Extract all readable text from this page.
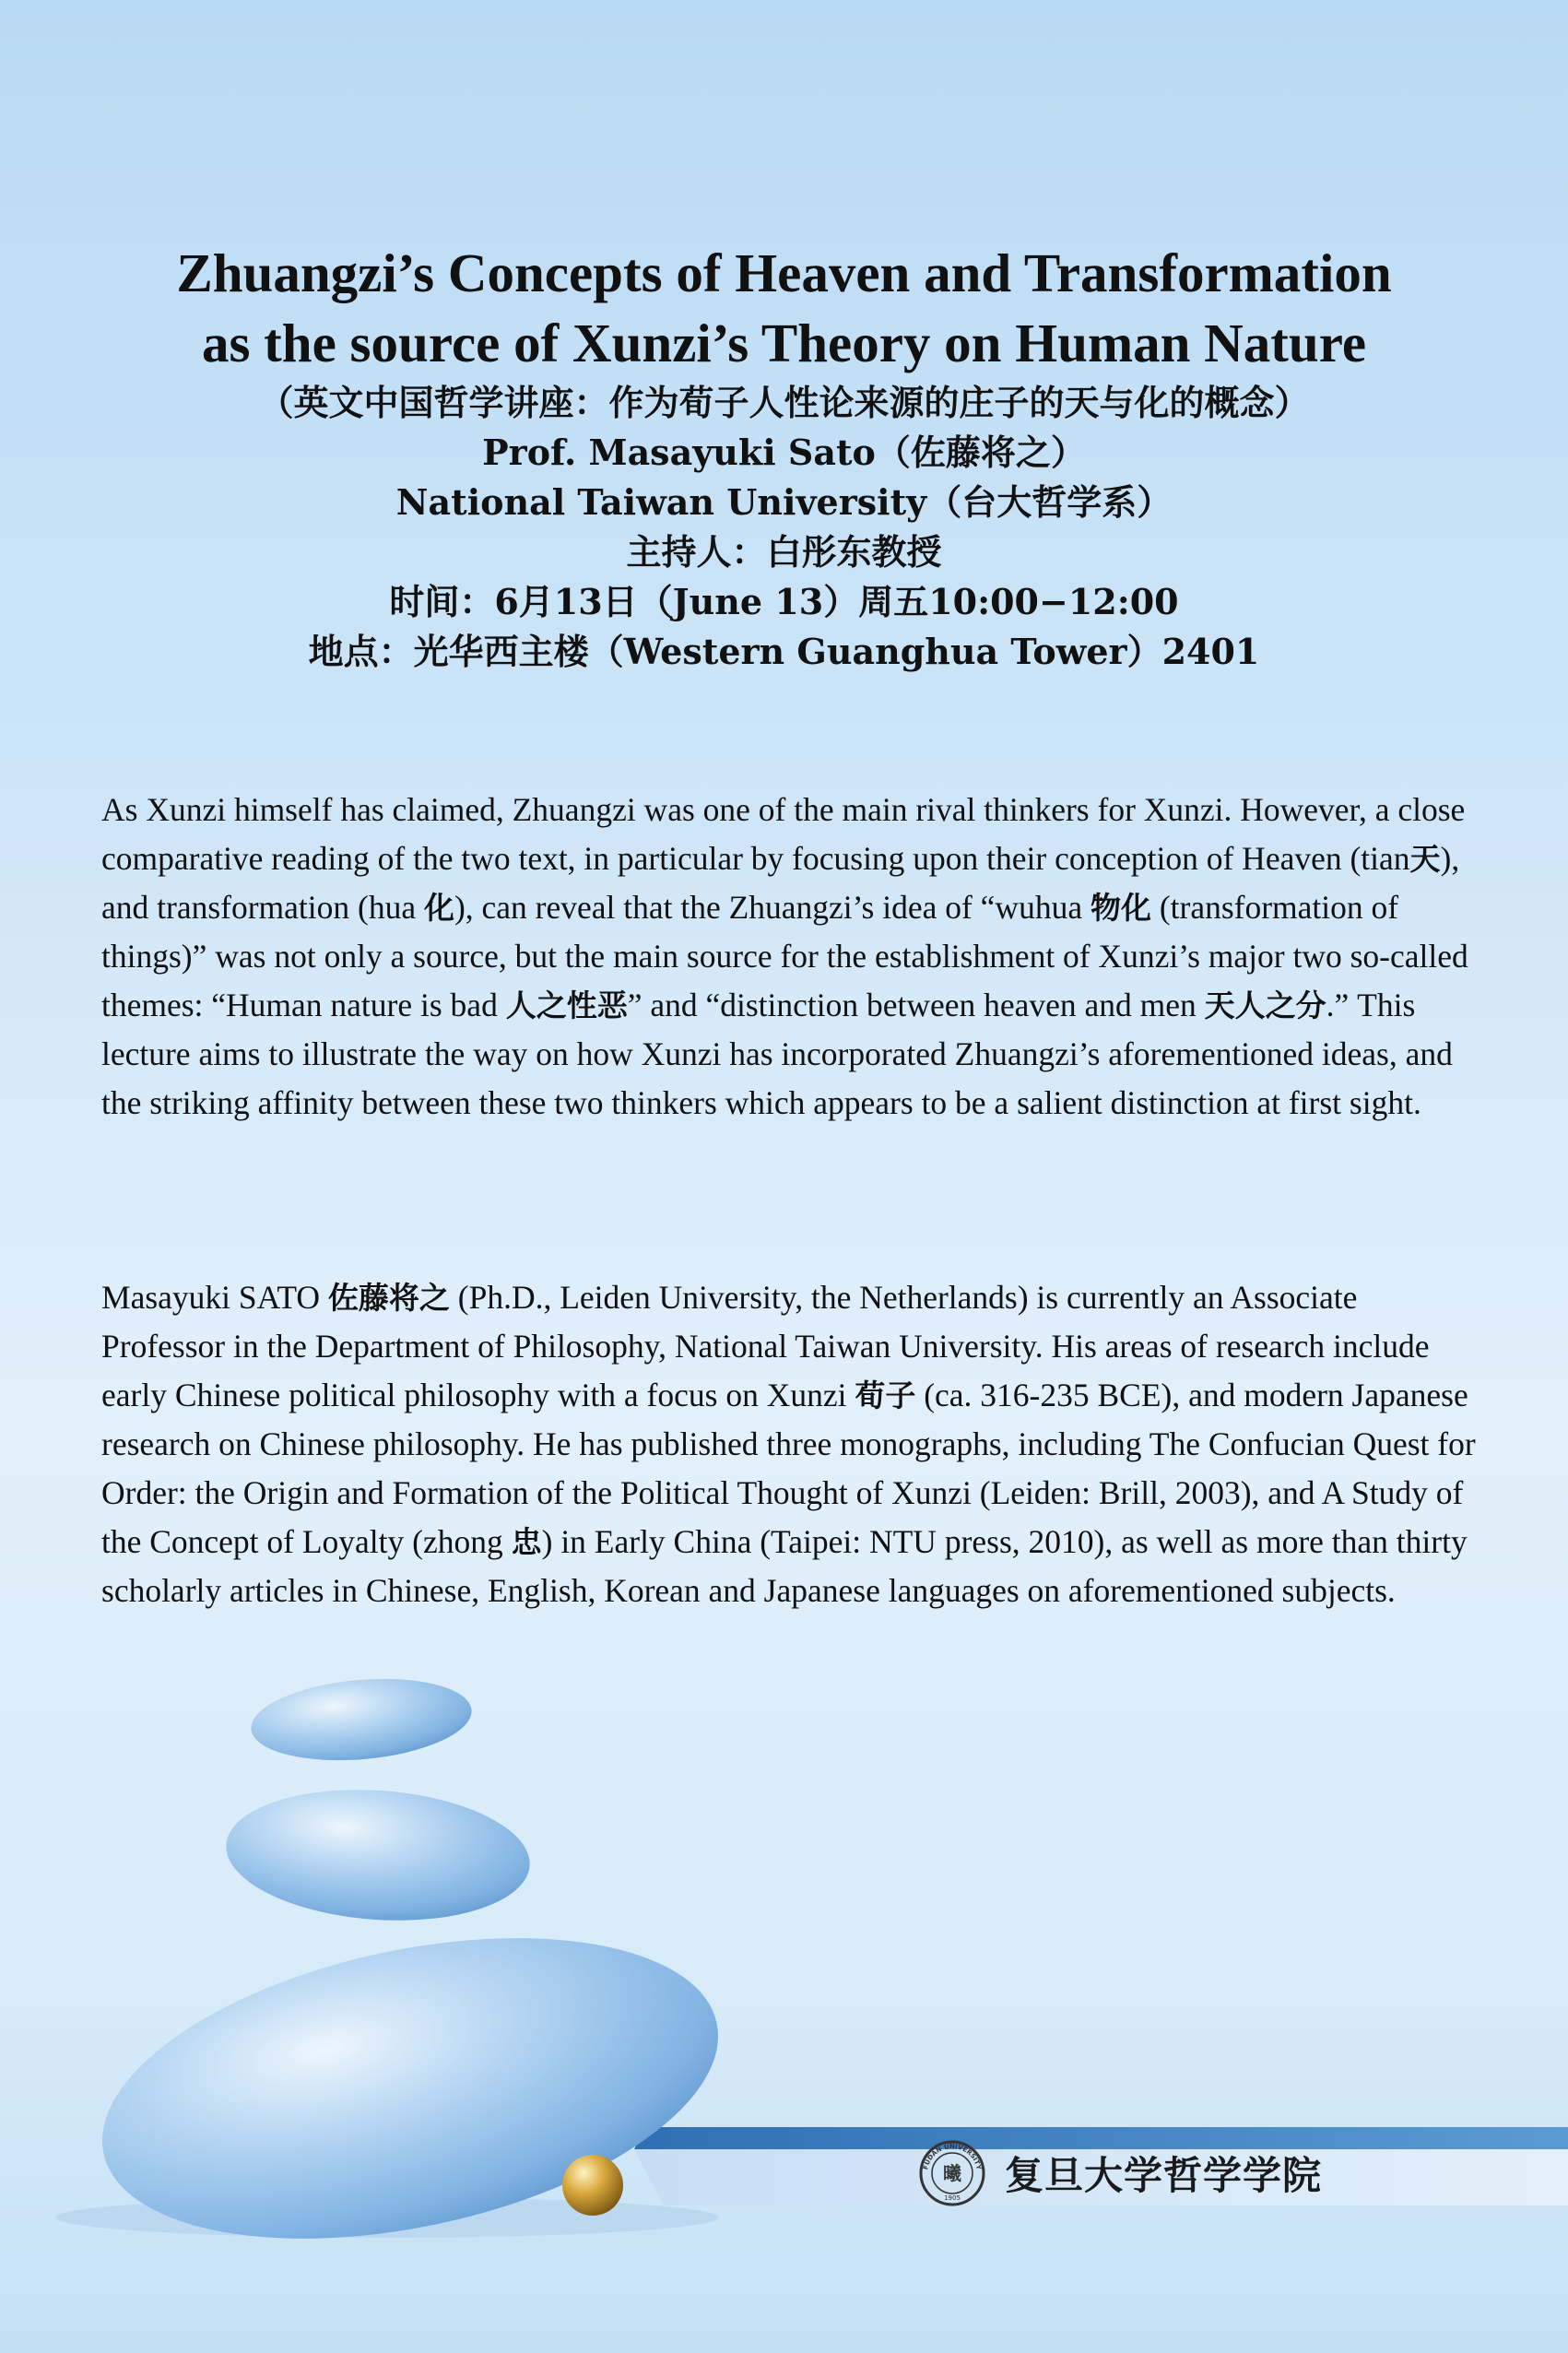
Zhuangzi’s Concepts of Heaven and Transformation
as the source of Xunzi’s Theory on Human Nature
（英文中国哲学讲座：作为荀子人性论来源的庄子的天与化的概念）
Prof. Masayuki Sato（佐藤将之）
National Taiwan University（台大哲学系）
主持人：白彤东教授
时间：6月13日（June 13）周五10:00−12:00
地点：光华西主楼（Western Guanghua Tower）2401
As Xunzi himself has claimed, Zhuangzi was one of the main rival thinkers for Xunzi. However, a close comparative reading of the two text, in particular by focusing upon their conception of Heaven (tian天), and transformation (hua 化), can reveal that the Zhuangzi’s idea of “wuhua 物化 (transformation of things)” was not only a source, but the main source for the establishment of Xunzi’s major two so-called themes: “Human nature is bad 人之性恶” and “distinction between heaven and men 天人之分.” This lecture aims to illustrate the way on how Xunzi has incorporated Zhuangzi’s aforementioned ideas, and the striking affinity between these two thinkers which appears to be a salient distinction at first sight.
Masayuki SATO 佐藤将之 (Ph.D., Leiden University, the Netherlands) is currently an Associate Professor in the Department of Philosophy, National Taiwan University. His areas of research include early Chinese political philosophy with a focus on Xunzi 荀子 (ca. 316-235 BCE), and modern Japanese research on Chinese philosophy. He has published three monographs, including The Confucian Quest for Order: the Origin and Formation of the Political Thought of Xunzi (Leiden: Brill, 2003), and A Study of the Concept of Loyalty (zhong 忠) in Early China (Taipei: NTU press, 2010), as well as more than thirty scholarly articles in Chinese, English, Korean and Japanese languages on aforementioned subjects.
FUDAN UNIVERSITY
曦
1905 复旦大学哲学学院
